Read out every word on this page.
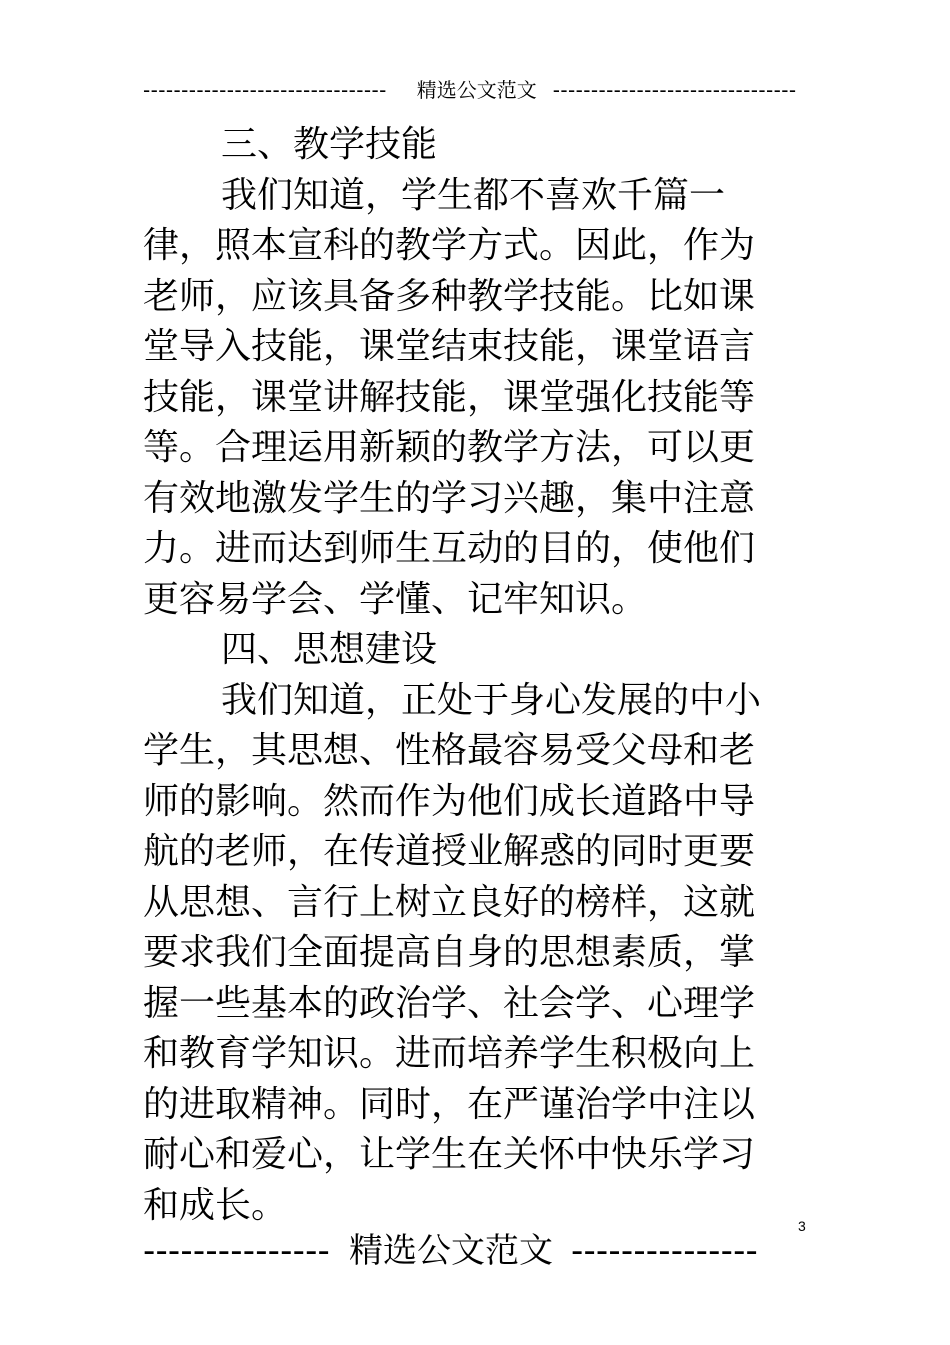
-------------------------------- 精选公文范文 --------------------------------

三、教学技能

我们知道，学生都不喜欢千篇一律，照本宣科的教学方式。因此，作为老师，应该具备多种教学技能。比如课堂导入技能，课堂结束技能，课堂语言技能，课堂讲解技能，课堂强化技能等等。合理运用新颖的教学方法，可以更有效地激发学生的学习兴趣，集中注意力。进而达到师生互动的目的，使他们更容易学会、学懂、记牢知识。

四、思想建设

我们知道，正处于身心发展的中小学生，其思想、性格最容易受父母和老师的影响。然而作为他们成长道路中导航的老师，在传道授业解惑的同时更要从思想、言行上树立良好的榜样，这就要求我们全面提高自身的思想素质，掌握一些基本的政治学、社会学、心理学和教育学知识。进而培养学生积极向上的进取精神。同时，在严谨治学中注以耐心和爱心，让学生在关怀中快乐学习和成长。

3
--------------- 精选公文范文 ---------------
